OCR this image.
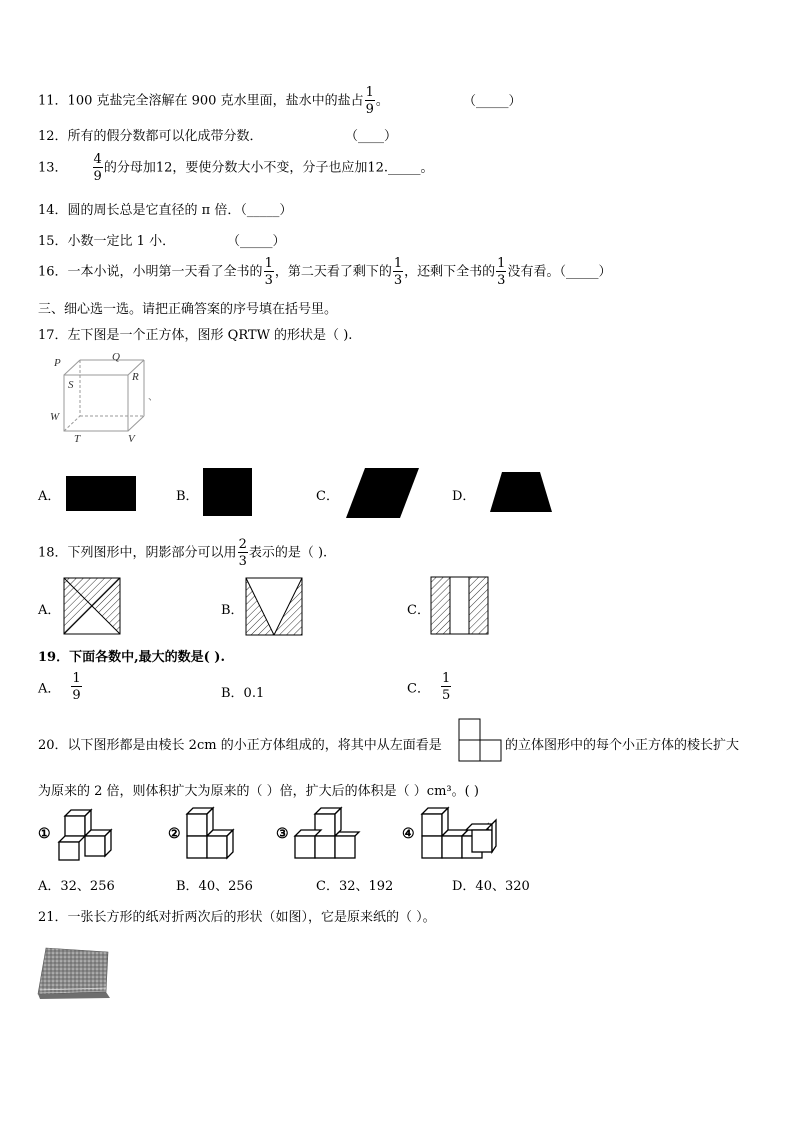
11．100 克盐完全溶解在 900 克水里面，盐水中的盐占 $\frac{1}{9}$ 。	（_____）
12．所有的假分数都可以化成带分数．	（____）
13． $\frac{4}{9}$ 的分母加12，要使分数大小不变，分子也应加12._____。
14．圆的周长总是它直径的 π 倍．（_____）
15．小数一定比 1 小．	（_____）
16．一本小说，小明第一天看了全书的 $\frac{1}{3}$ ，第二天看了剩下的 $\frac{1}{3}$ ，还剩下全书的 $\frac{1}{3}$ 没有看。（_____）
三、细心选一选。请把正确答案的序号填在括号里。
17．左下图是一个正方体，图形 QRTW 的形状是（ ).
P	Q
S
R
W
T	V
、
A．	B．	C．	D．
18．下列图形中，阴影部分可以用 $\frac{2}{3}$ 表示的是（ ).
A．	B．	C．
19．下面各数中,最大的数是( ).
A． $\frac{1}{9}$	B．0.1	C． $\frac{1}{5}$
20．以下图形都是由棱长 2cm 的小正方体组成的，将其中从左面看是	的立体图形中的每个小正方体的棱长扩大
为原来的 2 倍，则体积扩大为原来的（ ）倍，扩大后的体积是（ ）cm³。( )
①	②	③	④
A．32、256	B．40、256	C．32、192	D．40、320
21．一张长方形的纸对折两次后的形状（如图），它是原来纸的（ ）。
